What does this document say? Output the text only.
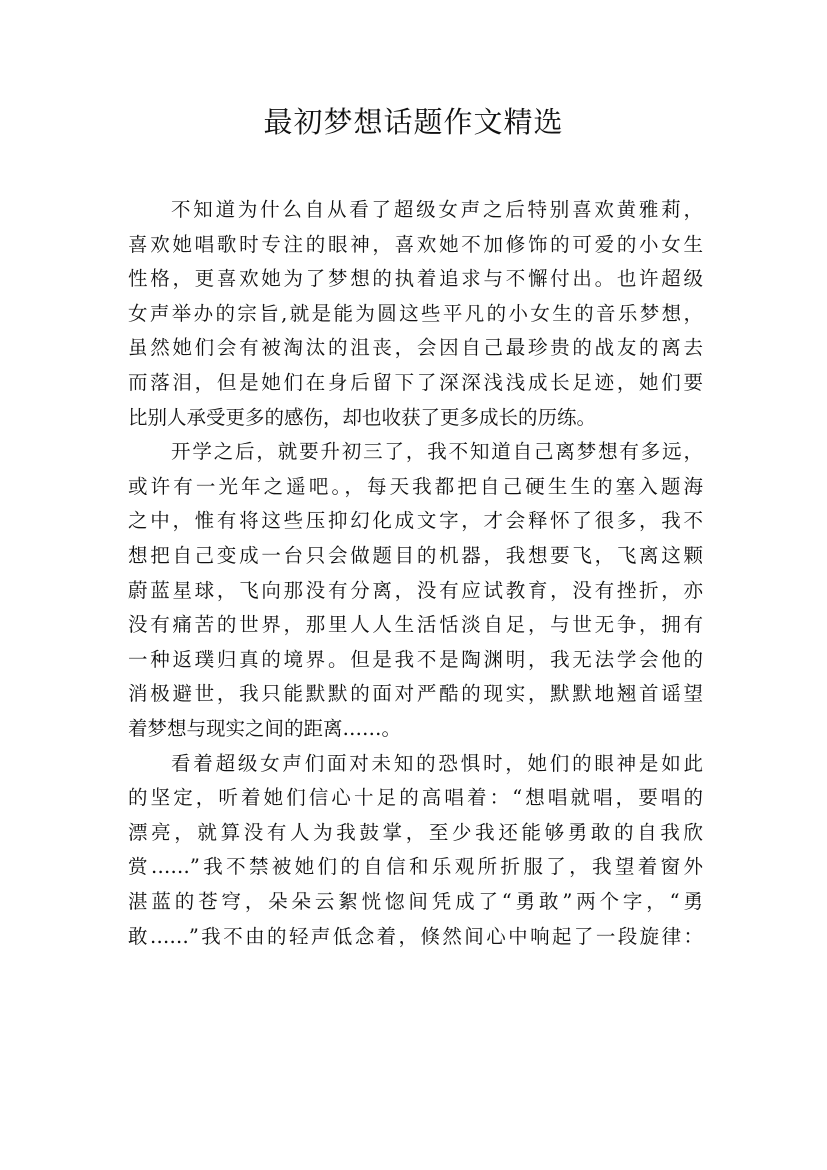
最初梦想话题作文精选
不知道为什么自从看了超级女声之后特别喜欢黄雅莉，
喜欢她唱歌时专注的眼神，喜欢她不加修饰的可爱的小女生
性格，更喜欢她为了梦想的执着追求与不懈付出。也许超级
女声举办的宗旨,就是能为圆这些平凡的小女生的音乐梦想，
虽然她们会有被淘汰的沮丧，会因自己最珍贵的战友的离去
而落泪，但是她们在身后留下了深深浅浅成长足迹，她们要
比别人承受更多的感伤，却也收获了更多成长的历练。
开学之后，就要升初三了，我不知道自己离梦想有多远，
或许有一光年之遥吧。，每天我都把自己硬生生的塞入题海
之中，惟有将这些压抑幻化成文字，才会释怀了很多，我不
想把自己变成一台只会做题目的机器，我想要飞，飞离这颗
蔚蓝星球，飞向那没有分离，没有应试教育，没有挫折，亦
没有痛苦的世界，那里人人生活恬淡自足，与世无争，拥有
一种返璞归真的境界。但是我不是陶渊明，我无法学会他的
消极避世，我只能默默的面对严酷的现实，默默地翘首谣望
着梦想与现实之间的距离……。
看着超级女声们面对未知的恐惧时，她们的眼神是如此
的坚定，听着她们信心十足的高唱着：“想唱就唱，要唱的
漂亮，就算没有人为我鼓掌，至少我还能够勇敢的自我欣
赏……”我不禁被她们的自信和乐观所折服了，我望着窗外
湛蓝的苍穹，朵朵云絮恍惚间凭成了“勇敢”两个字，“勇
敢……”我不由的轻声低念着，倏然间心中响起了一段旋律：
